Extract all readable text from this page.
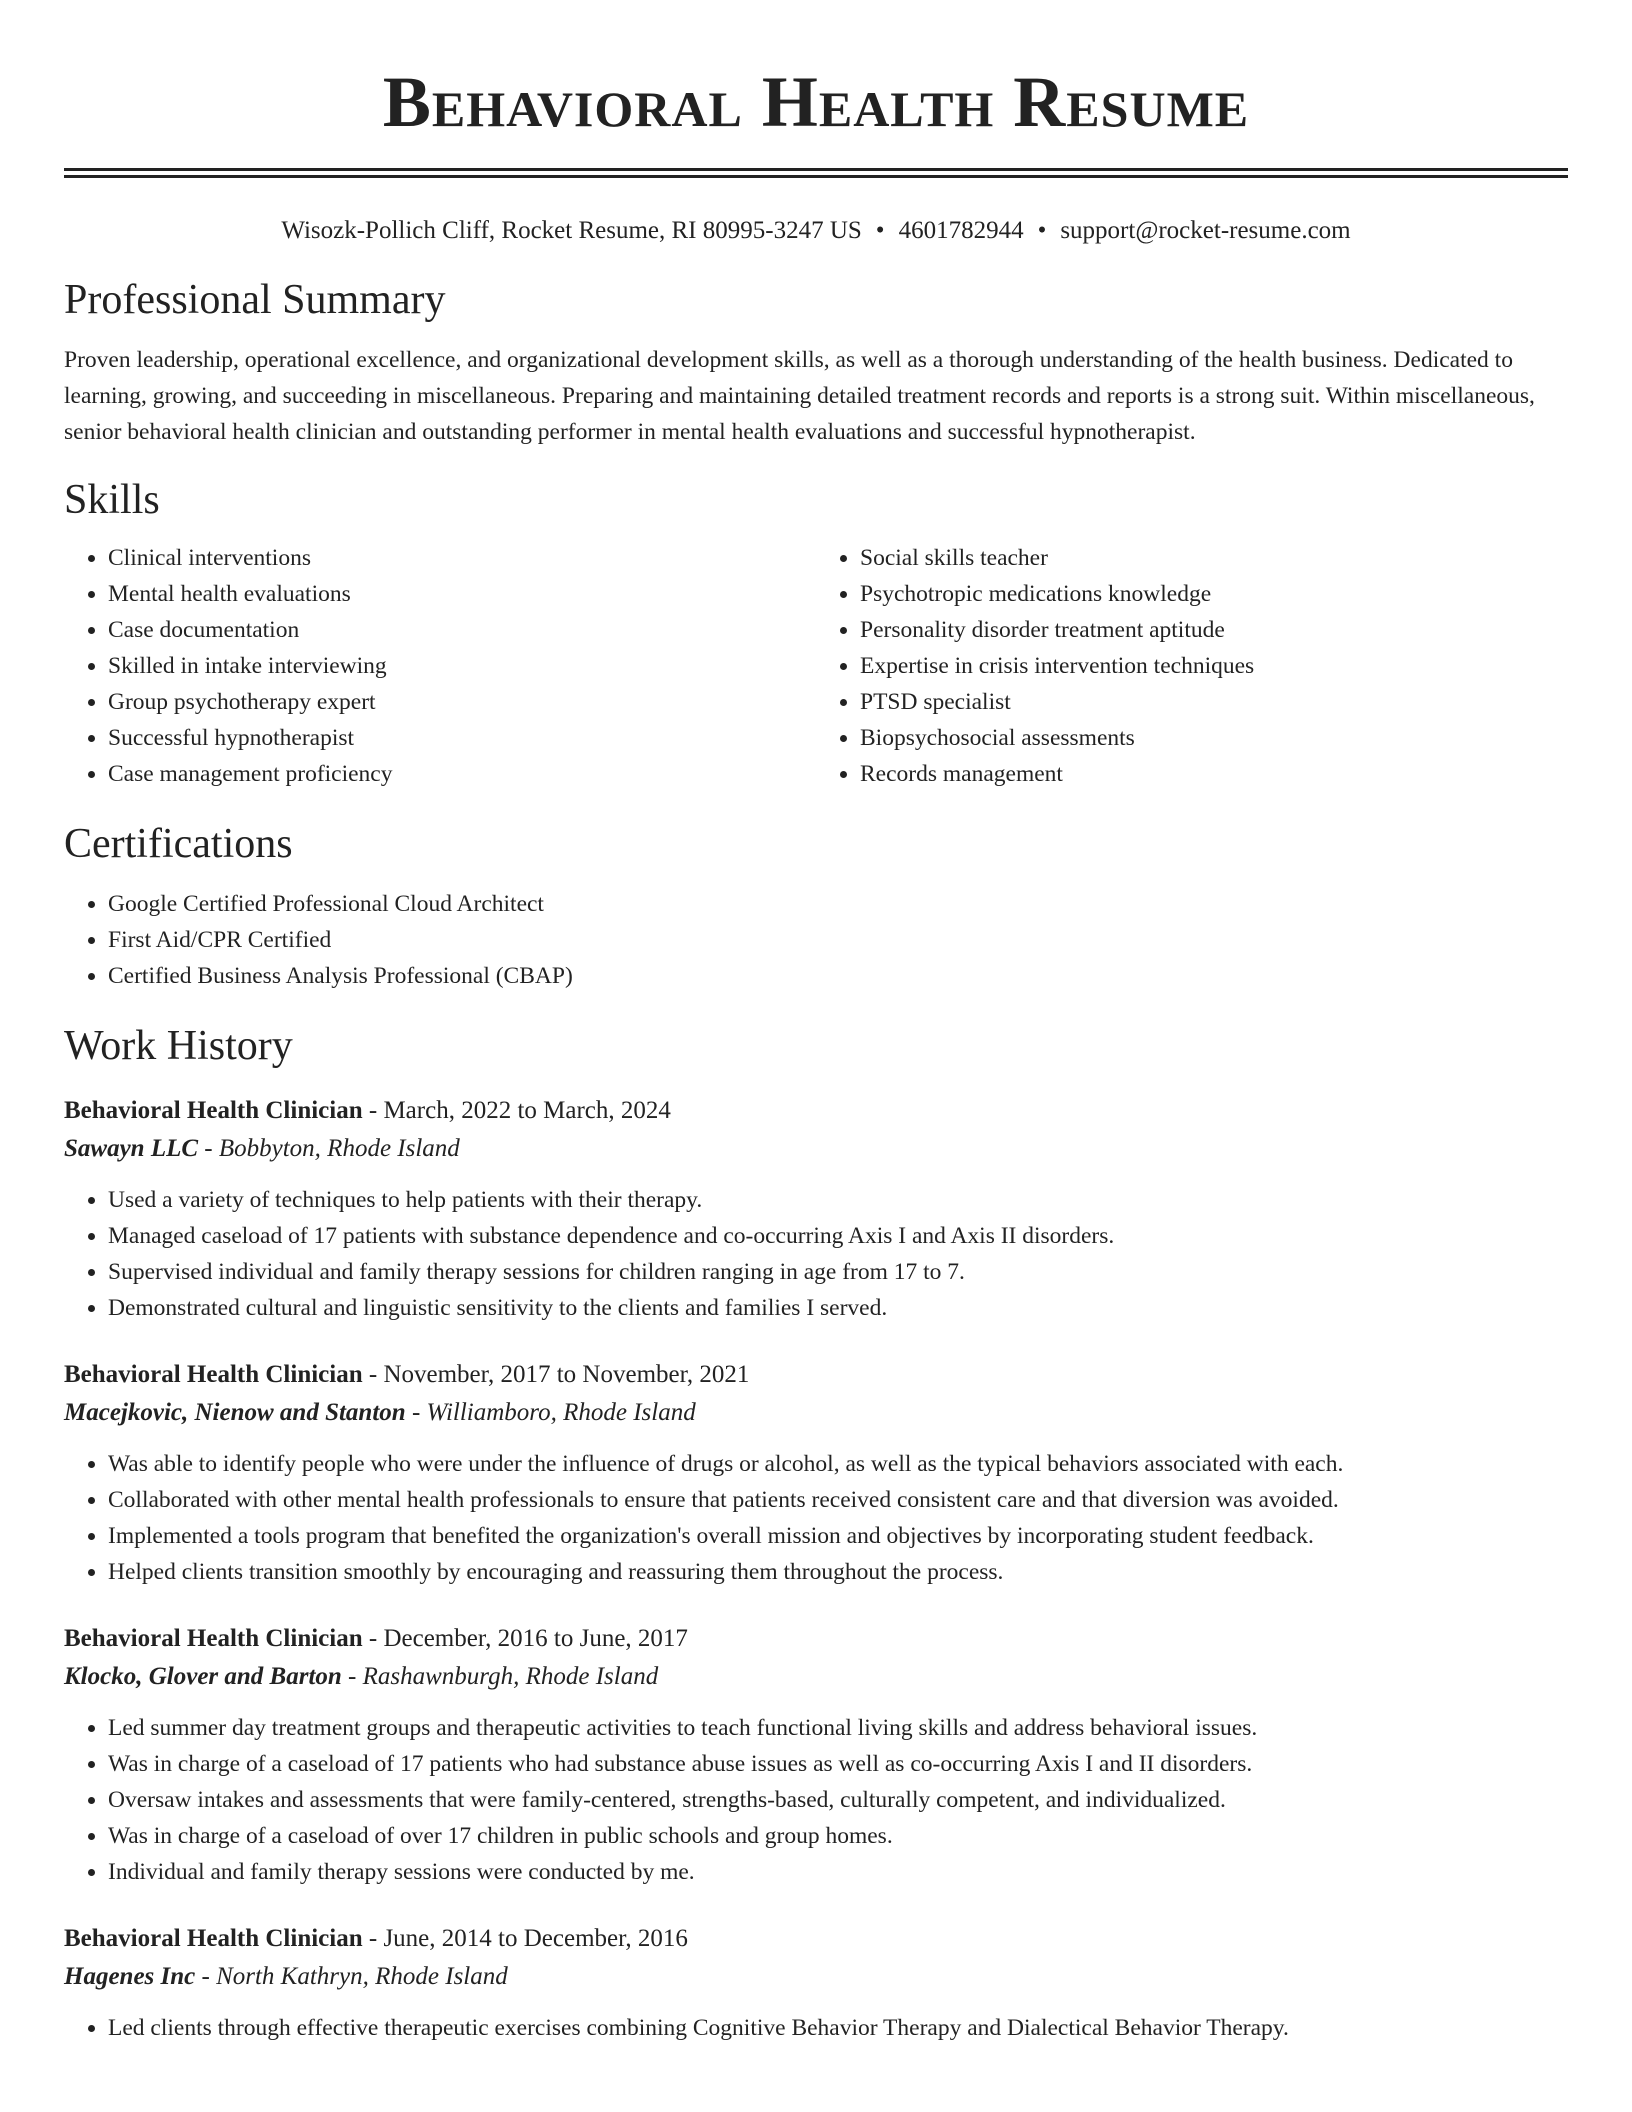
Behavioral Health Resume
Wisozk-Pollich Cliff, Rocket Resume, RI 80995-3247 US • 4601782944 • support@rocket-resume.com
Professional Summary

Proven leadership, operational excellence, and organizational development skills, as well as a thorough understanding of the health business. Dedicated to learning, growing, and succeeding in miscellaneous. Preparing and maintaining detailed treatment records and reports is a strong suit. Within miscellaneous, senior behavioral health clinician and outstanding performer in mental health evaluations and successful hypnotherapist.

Skills
• Clinical interventions
• Mental health evaluations
• Case documentation
• Skilled in intake interviewing
• Group psychotherapy expert
• Successful hypnotherapist
• Case management proficiency
• Social skills teacher
• Psychotropic medications knowledge
• Personality disorder treatment aptitude
• Expertise in crisis intervention techniques
• PTSD specialist
• Biopsychosocial assessments
• Records management
Certifications
• Google Certified Professional Cloud Architect
• First Aid/CPR Certified
• Certified Business Analysis Professional (CBAP)
Work History
Behavioral Health Clinician - March, 2022 to March, 2024
Sawayn LLC - Bobbyton, Rhode Island
• Used a variety of techniques to help patients with their therapy.
• Managed caseload of 17 patients with substance dependence and co-occurring Axis I and Axis II disorders.
• Supervised individual and family therapy sessions for children ranging in age from 17 to 7.
• Demonstrated cultural and linguistic sensitivity to the clients and families I served.
Behavioral Health Clinician - November, 2017 to November, 2021
Macejkovic, Nienow and Stanton - Williamboro, Rhode Island
• Was able to identify people who were under the influence of drugs or alcohol, as well as the typical behaviors associated with each.
• Collaborated with other mental health professionals to ensure that patients received consistent care and that diversion was avoided.
• Implemented a tools program that benefited the organization's overall mission and objectives by incorporating student feedback.
• Helped clients transition smoothly by encouraging and reassuring them throughout the process.
Behavioral Health Clinician - December, 2016 to June, 2017
Klocko, Glover and Barton - Rashawnburgh, Rhode Island
• Led summer day treatment groups and therapeutic activities to teach functional living skills and address behavioral issues.
• Was in charge of a caseload of 17 patients who had substance abuse issues as well as co-occurring Axis I and II disorders.
• Oversaw intakes and assessments that were family-centered, strengths-based, culturally competent, and individualized.
• Was in charge of a caseload of over 17 children in public schools and group homes.
• Individual and family therapy sessions were conducted by me.
Behavioral Health Clinician - June, 2014 to December, 2016
Hagenes Inc - North Kathryn, Rhode Island
• Led clients through effective therapeutic exercises combining Cognitive Behavior Therapy and Dialectical Behavior Therapy.
